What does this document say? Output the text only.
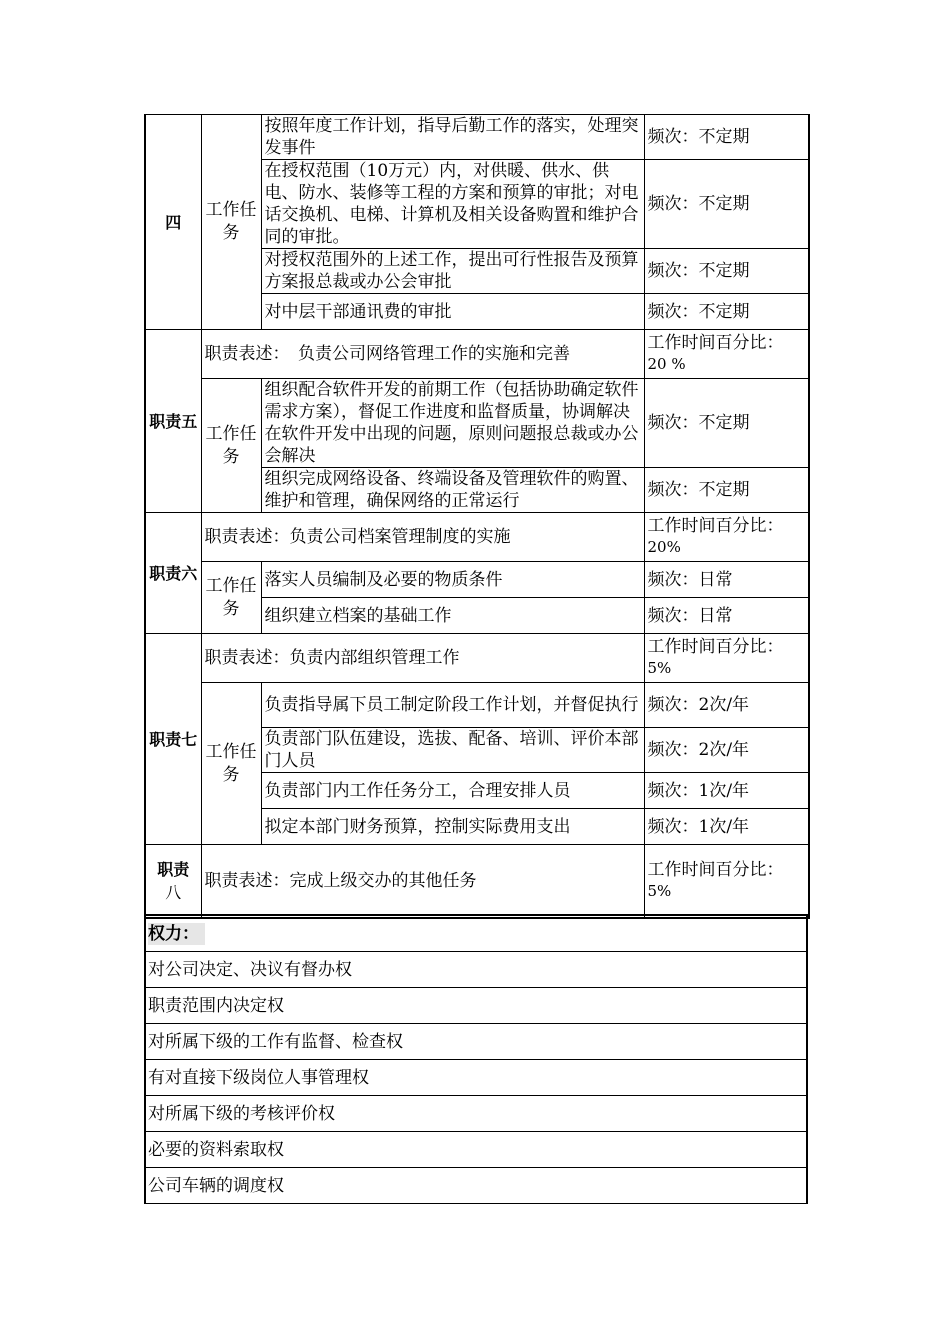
四	工作任务	按照年度工作计划，指导后勤工作的落实，处理突发事件	频次：不定期
		在授权范围（10万元）内，对供暖、供水、供电、防水、装修等工程的方案和预算的审批；对电话交换机、电梯、计算机及相关设备购置和维护合同的审批。	频次：不定期
		对授权范围外的上述工作，提出可行性报告及预算方案报总裁或办公会审批	频次：不定期
		对中层干部通讯费的审批	频次：不定期
职责五	职责表述：　负责公司网络管理工作的实施和完善		工作时间百分比：
20 %
	工作任务	组织配合软件开发的前期工作（包括协助确定软件需求方案），督促工作进度和监督质量，协调解决在软件开发中出现的问题，原则问题报总裁或办公会解决	频次：不定期
		组织完成网络设备、终端设备及管理软件的购置、维护和管理，确保网络的正常运行	频次：不定期
职责六	职责表述：负责公司档案管理制度的实施		工作时间百分比：
20%
	工作任务	落实人员编制及必要的物质条件	频次：日常
		组织建立档案的基础工作	频次：日常
职责七	职责表述：负责内部组织管理工作		工作时间百分比：
5%
	工作任务	负责指导属下员工制定阶段工作计划，并督促执行	频次：2次/年
		负责部门队伍建设，选拔、配备、培训、评价本部门人员	频次：2次/年
		负责部门内工作任务分工，合理安排人员	频次：1次/年
		拟定本部门财务预算，控制实际费用支出	频次：1次/年
职责
八	职责表述：完成上级交办的其他任务		工作时间百分比：
5%
权力：
对公司决定、决议有督办权
职责范围内决定权
对所属下级的工作有监督、检查权
有对直接下级岗位人事管理权
对所属下级的考核评价权
必要的资料索取权
公司车辆的调度权
